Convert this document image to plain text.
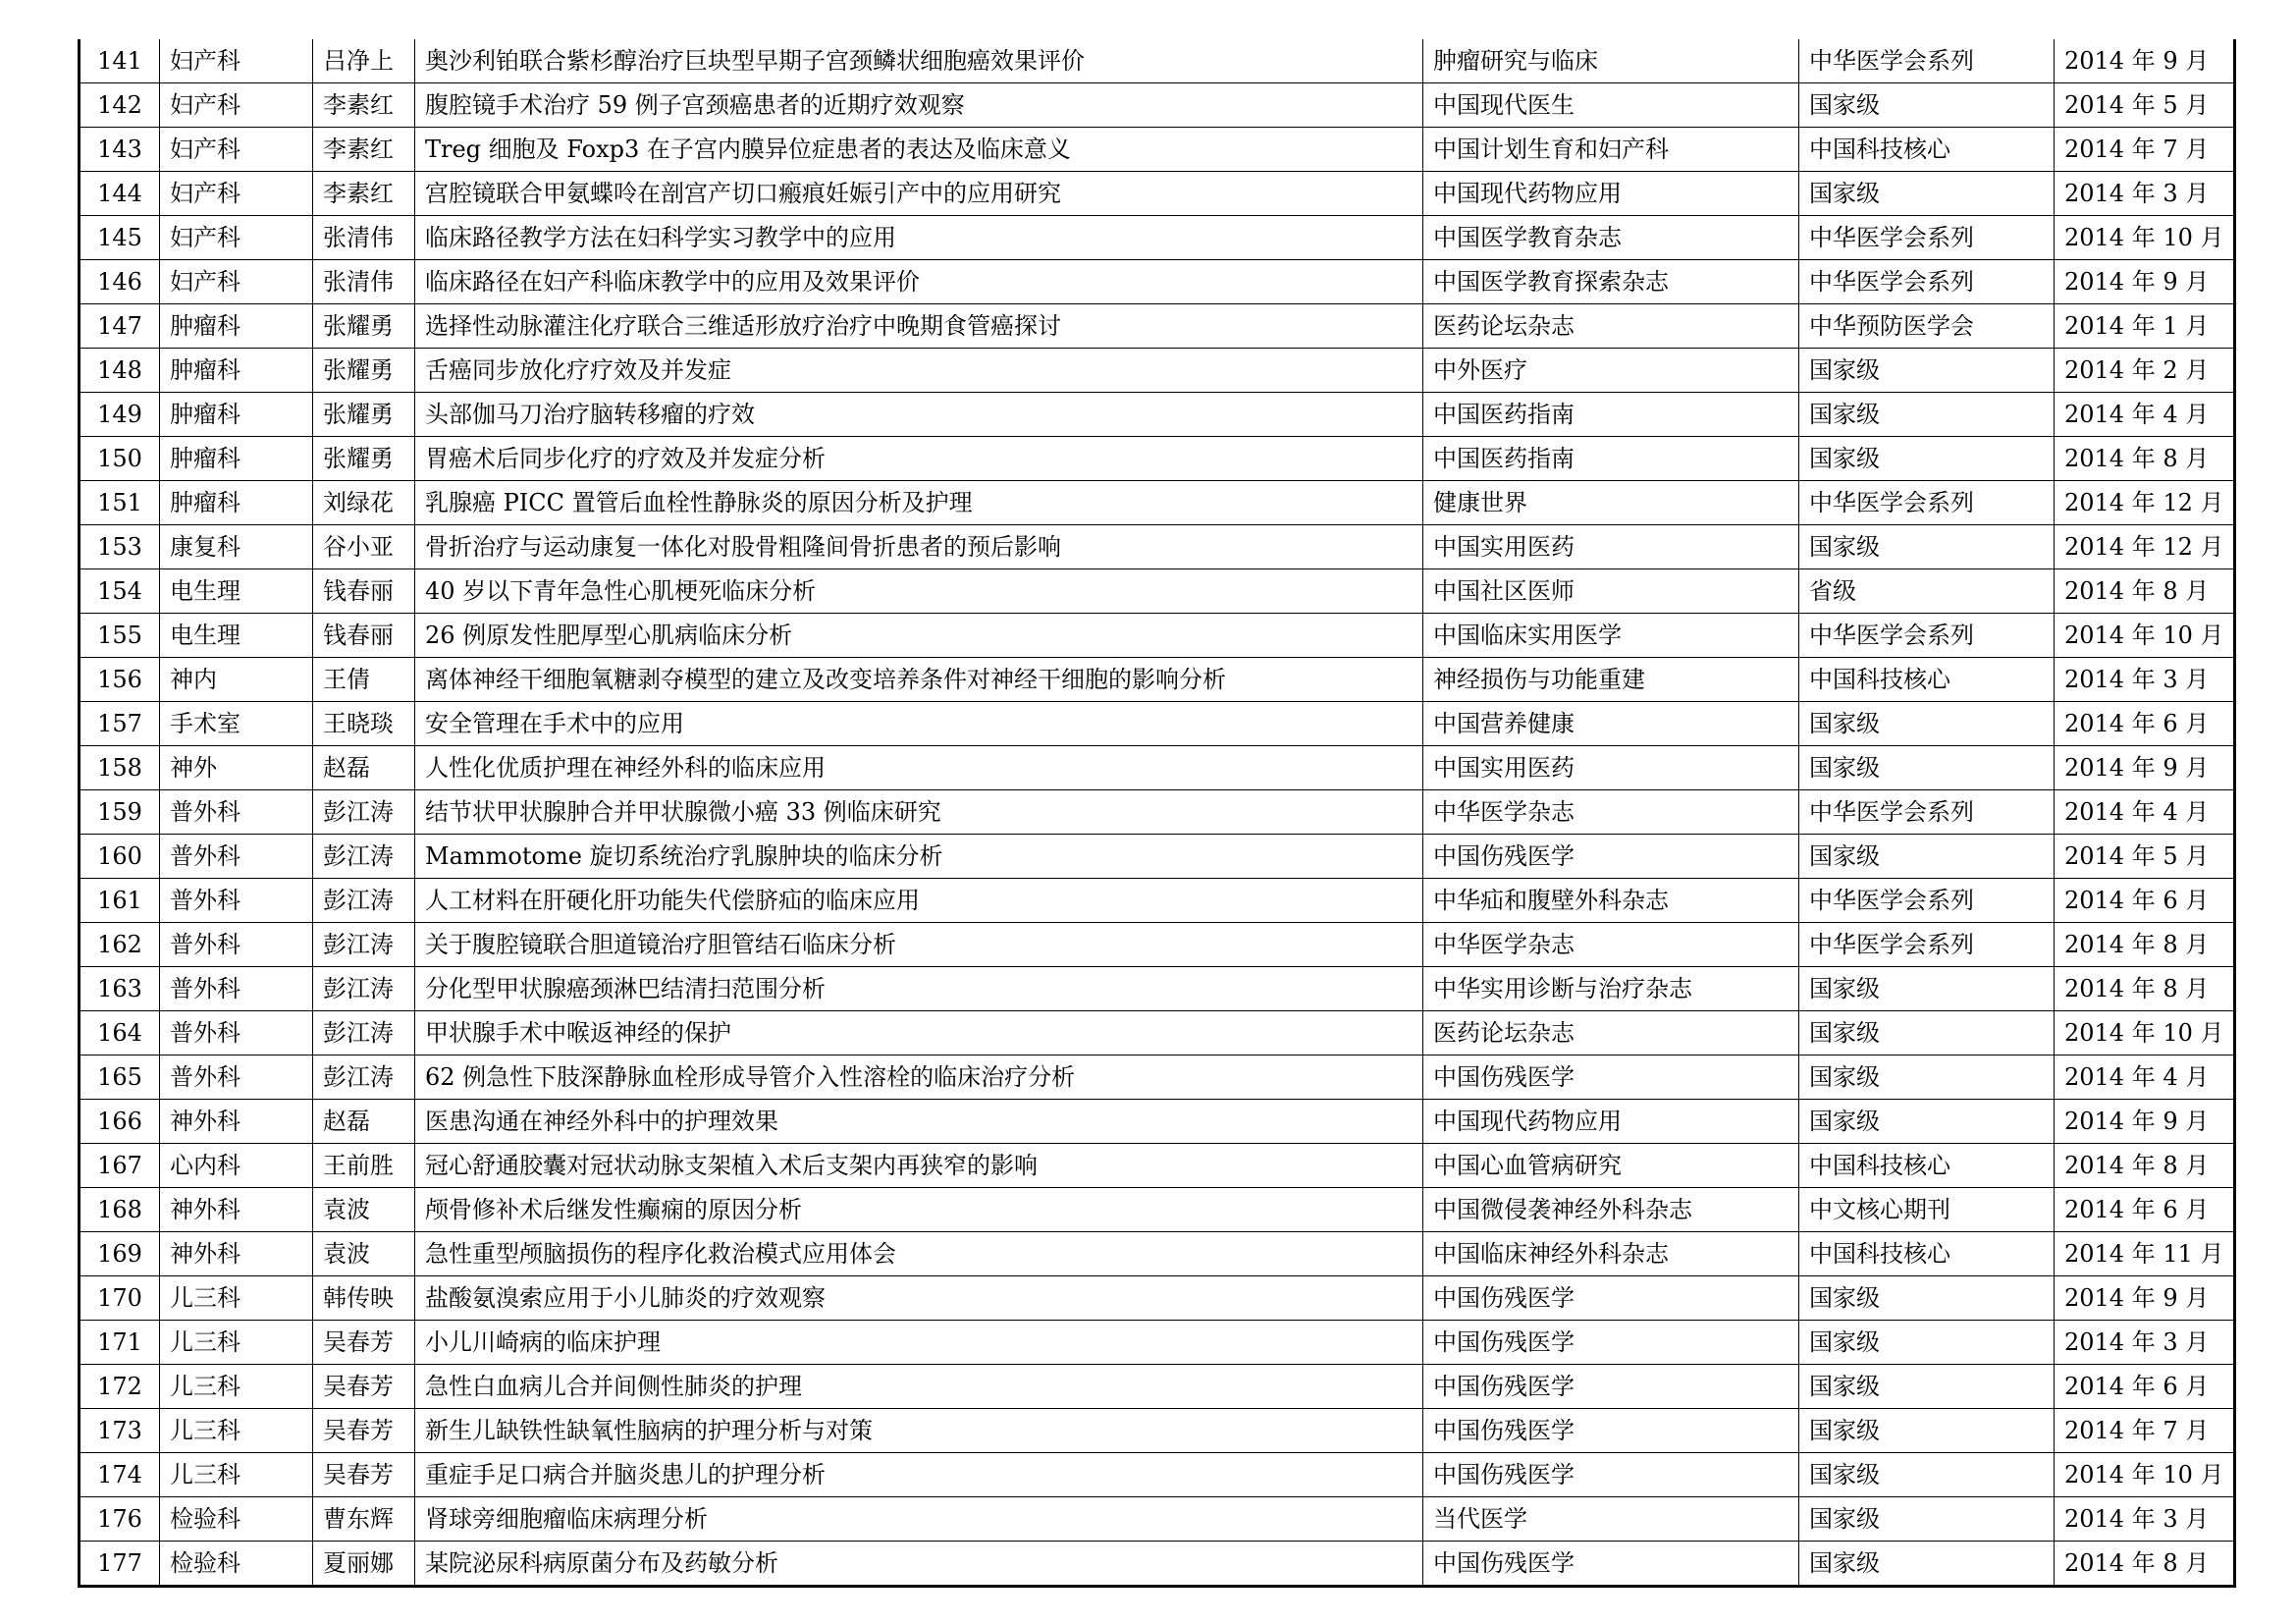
141	妇产科	吕净上	奥沙利铂联合紫杉醇治疗巨块型早期子宫颈鳞状细胞癌效果评价	肿瘤研究与临床	中华医学会系列	2014 年 9 月
142	妇产科	李素红	腹腔镜手术治疗 59 例子宫颈癌患者的近期疗效观察	中国现代医生	国家级	2014 年 5 月
143	妇产科	李素红	Treg 细胞及 Foxp3 在子宫内膜异位症患者的表达及临床意义	中国计划生育和妇产科	中国科技核心	2014 年 7 月
144	妇产科	李素红	宫腔镜联合甲氨蝶呤在剖宫产切口瘢痕妊娠引产中的应用研究	中国现代药物应用	国家级	2014 年 3 月
145	妇产科	张清伟	临床路径教学方法在妇科学实习教学中的应用	中国医学教育杂志	中华医学会系列	2014 年 10 月
146	妇产科	张清伟	临床路径在妇产科临床教学中的应用及效果评价	中国医学教育探索杂志	中华医学会系列	2014 年 9 月
147	肿瘤科	张耀勇	选择性动脉灌注化疗联合三维适形放疗治疗中晚期食管癌探讨	医药论坛杂志	中华预防医学会	2014 年 1 月
148	肿瘤科	张耀勇	舌癌同步放化疗疗效及并发症	中外医疗	国家级	2014 年 2 月
149	肿瘤科	张耀勇	头部伽马刀治疗脑转移瘤的疗效	中国医药指南	国家级	2014 年 4 月
150	肿瘤科	张耀勇	胃癌术后同步化疗的疗效及并发症分析	中国医药指南	国家级	2014 年 8 月
151	肿瘤科	刘绿花	乳腺癌 PICC 置管后血栓性静脉炎的原因分析及护理	健康世界	中华医学会系列	2014 年 12 月
153	康复科	谷小亚	骨折治疗与运动康复一体化对股骨粗隆间骨折患者的预后影响	中国实用医药	国家级	2014 年 12 月
154	电生理	钱春丽	40 岁以下青年急性心肌梗死临床分析	中国社区医师	省级	2014 年 8 月
155	电生理	钱春丽	26 例原发性肥厚型心肌病临床分析	中国临床实用医学	中华医学会系列	2014 年 10 月
156	神内	王倩	离体神经干细胞氧糖剥夺模型的建立及改变培养条件对神经干细胞的影响分析	神经损伤与功能重建	中国科技核心	2014 年 3 月
157	手术室	王晓琰	安全管理在手术中的应用	中国营养健康	国家级	2014 年 6 月
158	神外	赵磊	人性化优质护理在神经外科的临床应用	中国实用医药	国家级	2014 年 9 月
159	普外科	彭江涛	结节状甲状腺肿合并甲状腺微小癌 33 例临床研究	中华医学杂志	中华医学会系列	2014 年 4 月
160	普外科	彭江涛	Mammotome 旋切系统治疗乳腺肿块的临床分析	中国伤残医学	国家级	2014 年 5 月
161	普外科	彭江涛	人工材料在肝硬化肝功能失代偿脐疝的临床应用	中华疝和腹壁外科杂志	中华医学会系列	2014 年 6 月
162	普外科	彭江涛	关于腹腔镜联合胆道镜治疗胆管结石临床分析	中华医学杂志	中华医学会系列	2014 年 8 月
163	普外科	彭江涛	分化型甲状腺癌颈淋巴结清扫范围分析	中华实用诊断与治疗杂志	国家级	2014 年 8 月
164	普外科	彭江涛	甲状腺手术中喉返神经的保护	医药论坛杂志	国家级	2014 年 10 月
165	普外科	彭江涛	62 例急性下肢深静脉血栓形成导管介入性溶栓的临床治疗分析	中国伤残医学	国家级	2014 年 4 月
166	神外科	赵磊	医患沟通在神经外科中的护理效果	中国现代药物应用	国家级	2014 年 9 月
167	心内科	王前胜	冠心舒通胶囊对冠状动脉支架植入术后支架内再狭窄的影响	中国心血管病研究	中国科技核心	2014 年 8 月
168	神外科	袁波	颅骨修补术后继发性癫痫的原因分析	中国微侵袭神经外科杂志	中文核心期刊	2014 年 6 月
169	神外科	袁波	急性重型颅脑损伤的程序化救治模式应用体会	中国临床神经外科杂志	中国科技核心	2014 年 11 月
170	儿三科	韩传映	盐酸氨溴索应用于小儿肺炎的疗效观察	中国伤残医学	国家级	2014 年 9 月
171	儿三科	吴春芳	小儿川崎病的临床护理	中国伤残医学	国家级	2014 年 3 月
172	儿三科	吴春芳	急性白血病儿合并间侧性肺炎的护理	中国伤残医学	国家级	2014 年 6 月
173	儿三科	吴春芳	新生儿缺铁性缺氧性脑病的护理分析与对策	中国伤残医学	国家级	2014 年 7 月
174	儿三科	吴春芳	重症手足口病合并脑炎患儿的护理分析	中国伤残医学	国家级	2014 年 10 月
176	检验科	曹东辉	肾球旁细胞瘤临床病理分析	当代医学	国家级	2014 年 3 月
177	检验科	夏丽娜	某院泌尿科病原菌分布及药敏分析	中国伤残医学	国家级	2014 年 8 月
